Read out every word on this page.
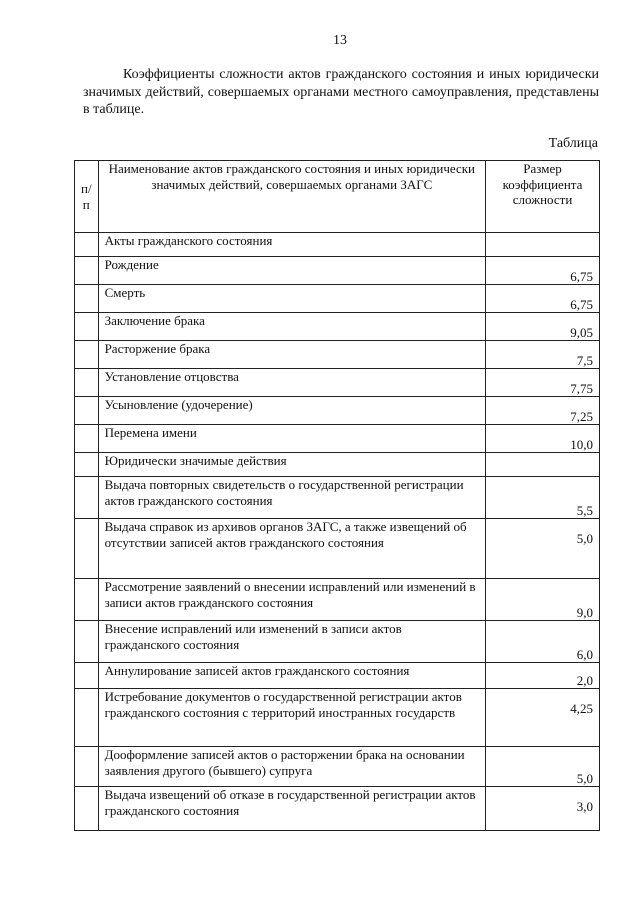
13

Коэффициенты сложности актов гражданского состояния и иных юридически значимых действий, совершаемых органами местного самоуправления, представлены в таблице.

Таблица
п/п	Наименование актов гражданского состояния и иных юридически значимых действий, совершаемых органами ЗАГС	Размер коэффициента сложности
	Акты гражданского состояния	
	Рождение	6,75
	Смерть	6,75
	Заключение брака	9,05
	Расторжение брака	7,5
	Установление отцовства	7,75
	Усыновление (удочерение)	7,25
	Перемена имени	10,0
	Юридически значимые действия	
	Выдача повторных свидетельств о государственной регистрации актов гражданского состояния	5,5
	Выдача справок из архивов органов ЗАГС, а также извещений об отсутствии записей актов гражданского состояния	5,0
	Рассмотрение заявлений о внесении исправлений или изменений в записи актов гражданского состояния	9,0
	Внесение исправлений или изменений в записи актов гражданского состояния	6,0
	Аннулирование записей актов гражданского состояния	2,0
	Истребование документов о государственной регистрации актов гражданского состояния с территорий иностранных государств	4,25
	Дооформление записей актов о расторжении брака на основании заявления другого (бывшего) супруга	5,0
	Выдача извещений об отказе в государственной регистрации актов гражданского состояния	3,0
